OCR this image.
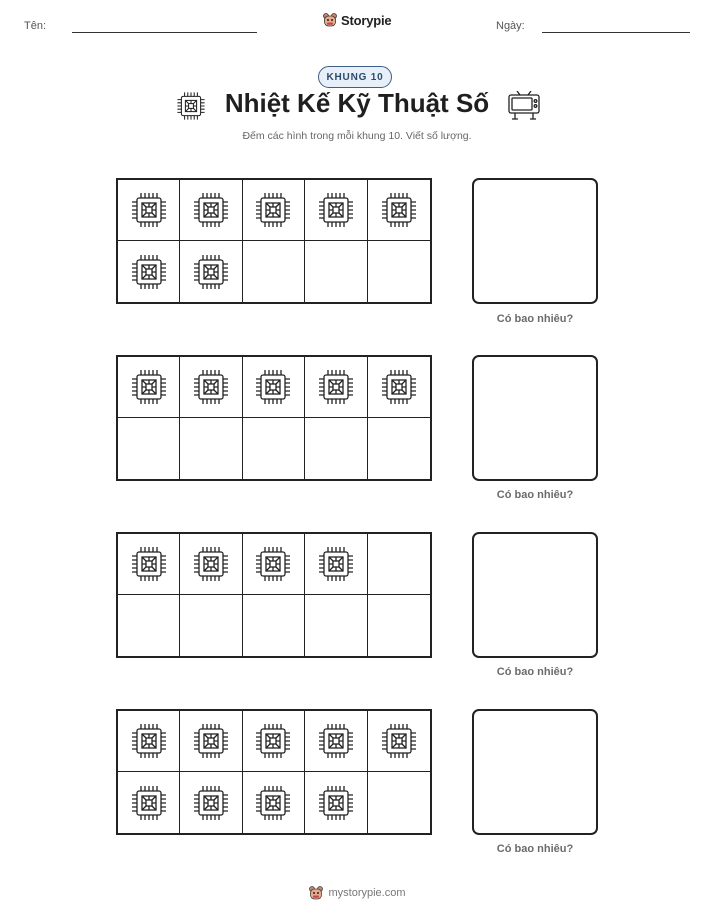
Tên:	Storypie	Ngày:
KHUNG 10
Nhiệt Kế Kỹ Thuật Số
Đếm các hình trong mỗi khung 10. Viết số lượng.
Có bao nhiêu?
Có bao nhiêu?
Có bao nhiêu?
Có bao nhiêu?
mystorypie.com
